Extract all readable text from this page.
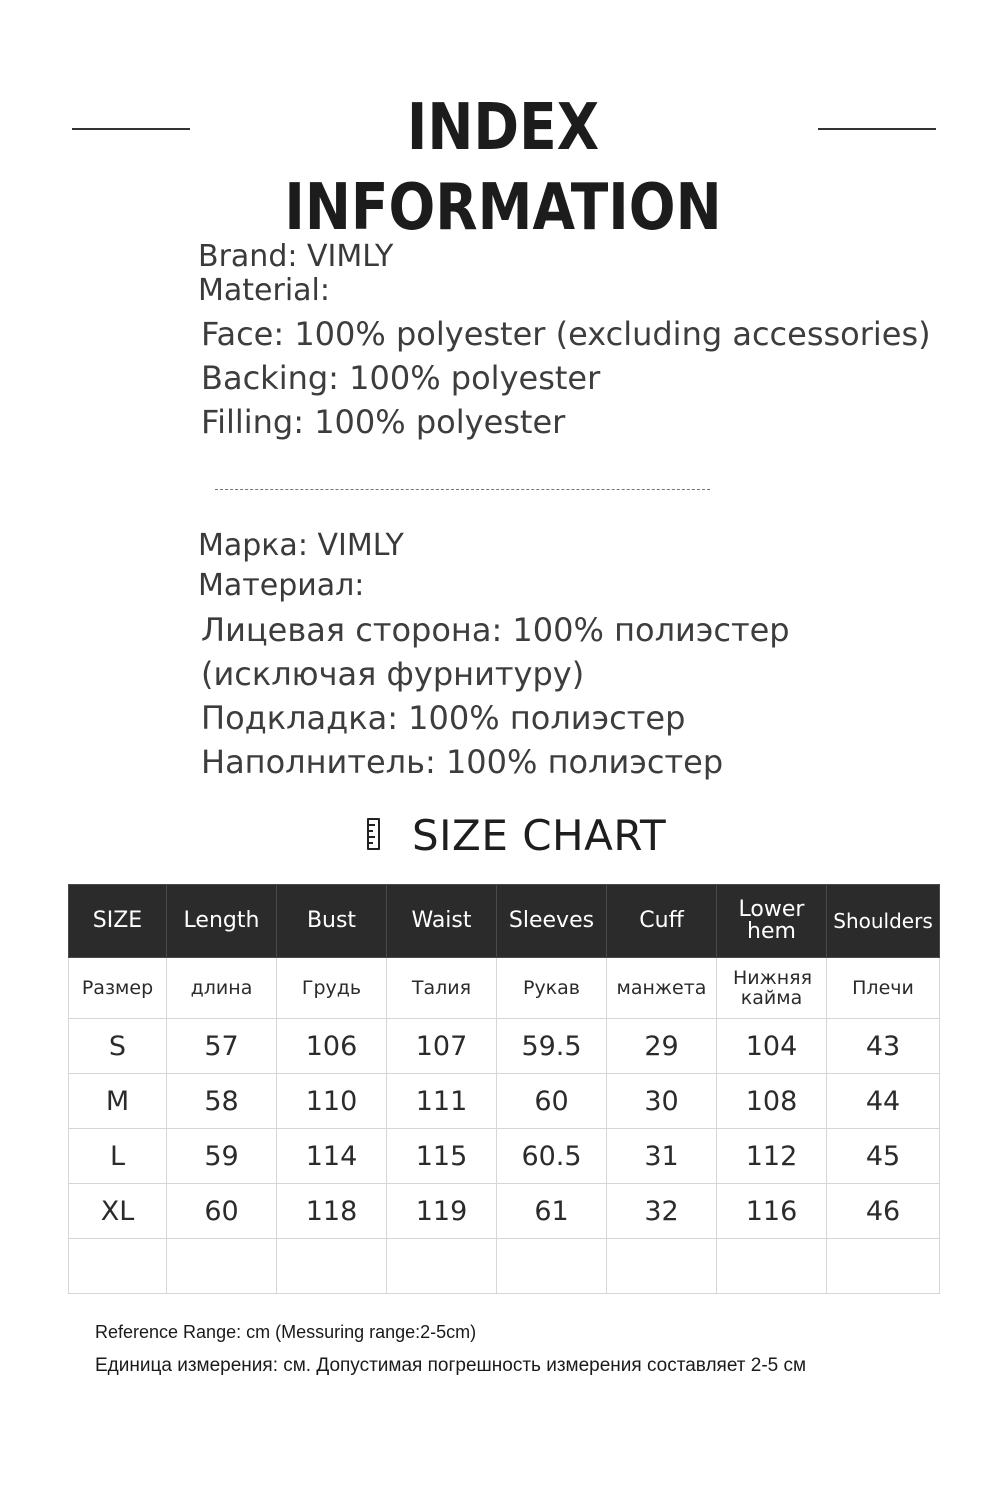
INDEX INFORMATION
Brand: VIMLY
Material:
Face: 100% polyester (excluding accessories)
Backing: 100% polyester
Filling: 100% polyester
Марка: VIMLY
Материал:
Лицевая сторона: 100% полиэстер
(исключая фурнитуру)
Подкладка: 100% полиэстер
Наполнитель: 100% полиэстер
SIZE CHART
SIZE	Length	Bust	Waist	Sleeves	Cuff	Lower hem	Shoulders
Размер	длина	Грудь	Талия	Рукав	манжета	Нижняя кайма	Плечи
S	57	106	107	59.5	29	104	43
M	58	110	111	60	30	108	44
L	59	114	115	60.5	31	112	45
XL	60	118	119	61	32	116	46

Reference Range: cm (Messuring range:2-5cm)
Единица измерения: см. Допустимая погрешность измерения составляет 2-5 см
